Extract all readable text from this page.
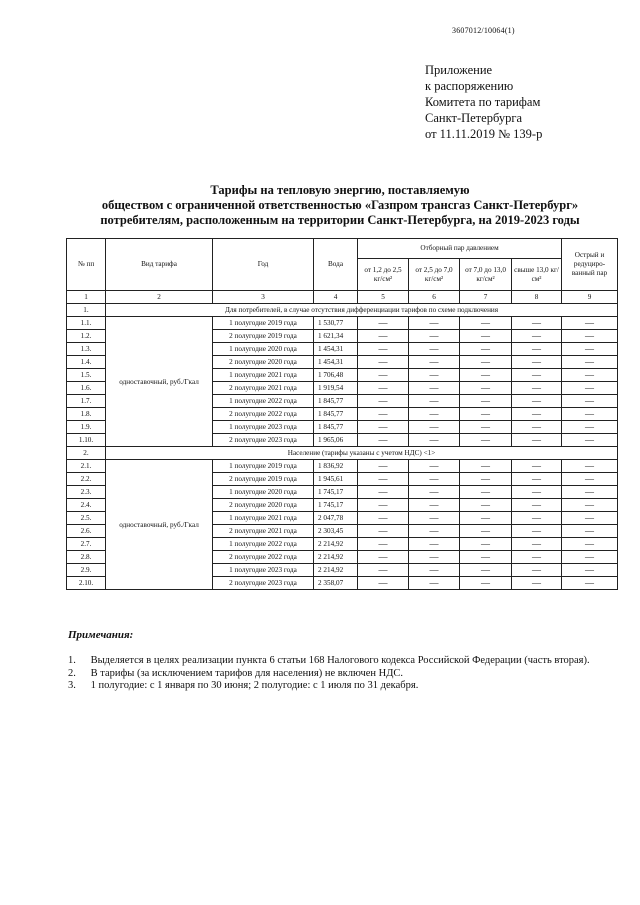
3607012/10064(1)
Приложение
к распоряжению
Комитета по тарифам
Санкт-Петербурга
от 11.11.2019 № 139-р
Тарифы на тепловую энергию, поставляемую
обществом с ограниченной ответственностью «Газпром трансгаз Санкт-Петербург»
потребителям, расположенным на территории Санкт-Петербурга, на 2019-2023 годы
№ пп	Вид тарифа	Год	Вода	Отборный пар давлением				Острый и редуциро-ванный пар
				от 1,2 до 2,5 кг/см²	от 2,5 до 7,0 кг/см²	от 7,0 до 13,0 кг/см²	свыше 13,0 кг/см²	
1	2	3	4	5	6	7	8	9
1.	Для потребителей, в случае отсутствия дифференциации тарифов по схеме подключения							
1.1.	одноставочный, руб./Гкал	1 полугодие 2019 года	1 530,77	—	—	—	—	—
1.2.		2 полугодие 2019 года	1 621,34	—	—	—	—	—
1.3.		1 полугодие 2020 года	1 454,31	—	—	—	—	—
1.4.		2 полугодие 2020 года	1 454,31	—	—	—	—	—
1.5.		1 полугодие 2021 года	1 706,48	—	—	—	—	—
1.6.		2 полугодие 2021 года	1 919,54	—	—	—	—	—
1.7.		1 полугодие 2022 года	1 845,77	—	—	—	—	—
1.8.		2 полугодие 2022 года	1 845,77	—	—	—	—	—
1.9.		1 полугодие 2023 года	1 845,77	—	—	—	—	—
1.10.		2 полугодие 2023 года	1 965,06	—	—	—	—	—
2.	Население (тарифы указаны с учетом НДС) <1>							
2.1.	одноставочный, руб./Гкал	1 полугодие 2019 года	1 836,92	—	—	—	—	—
2.2.		2 полугодие 2019 года	1 945,61	—	—	—	—	—
2.3.		1 полугодие 2020 года	1 745,17	—	—	—	—	—
2.4.		2 полугодие 2020 года	1 745,17	—	—	—	—	—
2.5.		1 полугодие 2021 года	2 047,78	—	—	—	—	—
2.6.		2 полугодие 2021 года	2 303,45	—	—	—	—	—
2.7.		1 полугодие 2022 года	2 214,92	—	—	—	—	—
2.8.		2 полугодие 2022 года	2 214,92	—	—	—	—	—
2.9.		1 полугодие 2023 года	2 214,92	—	—	—	—	—
2.10.		2 полугодие 2023 года	2 358,07	—	—	—	—	—
Примечания:
1. Выделяется в целях реализации пункта 6 статьи 168 Налогового кодекса Российской Федерации (часть вторая).
2. В тарифы (за исключением тарифов для населения) не включен НДС.
3. 1 полугодие: с 1 января по 30 июня; 2 полугодие: с 1 июля по 31 декабря.
